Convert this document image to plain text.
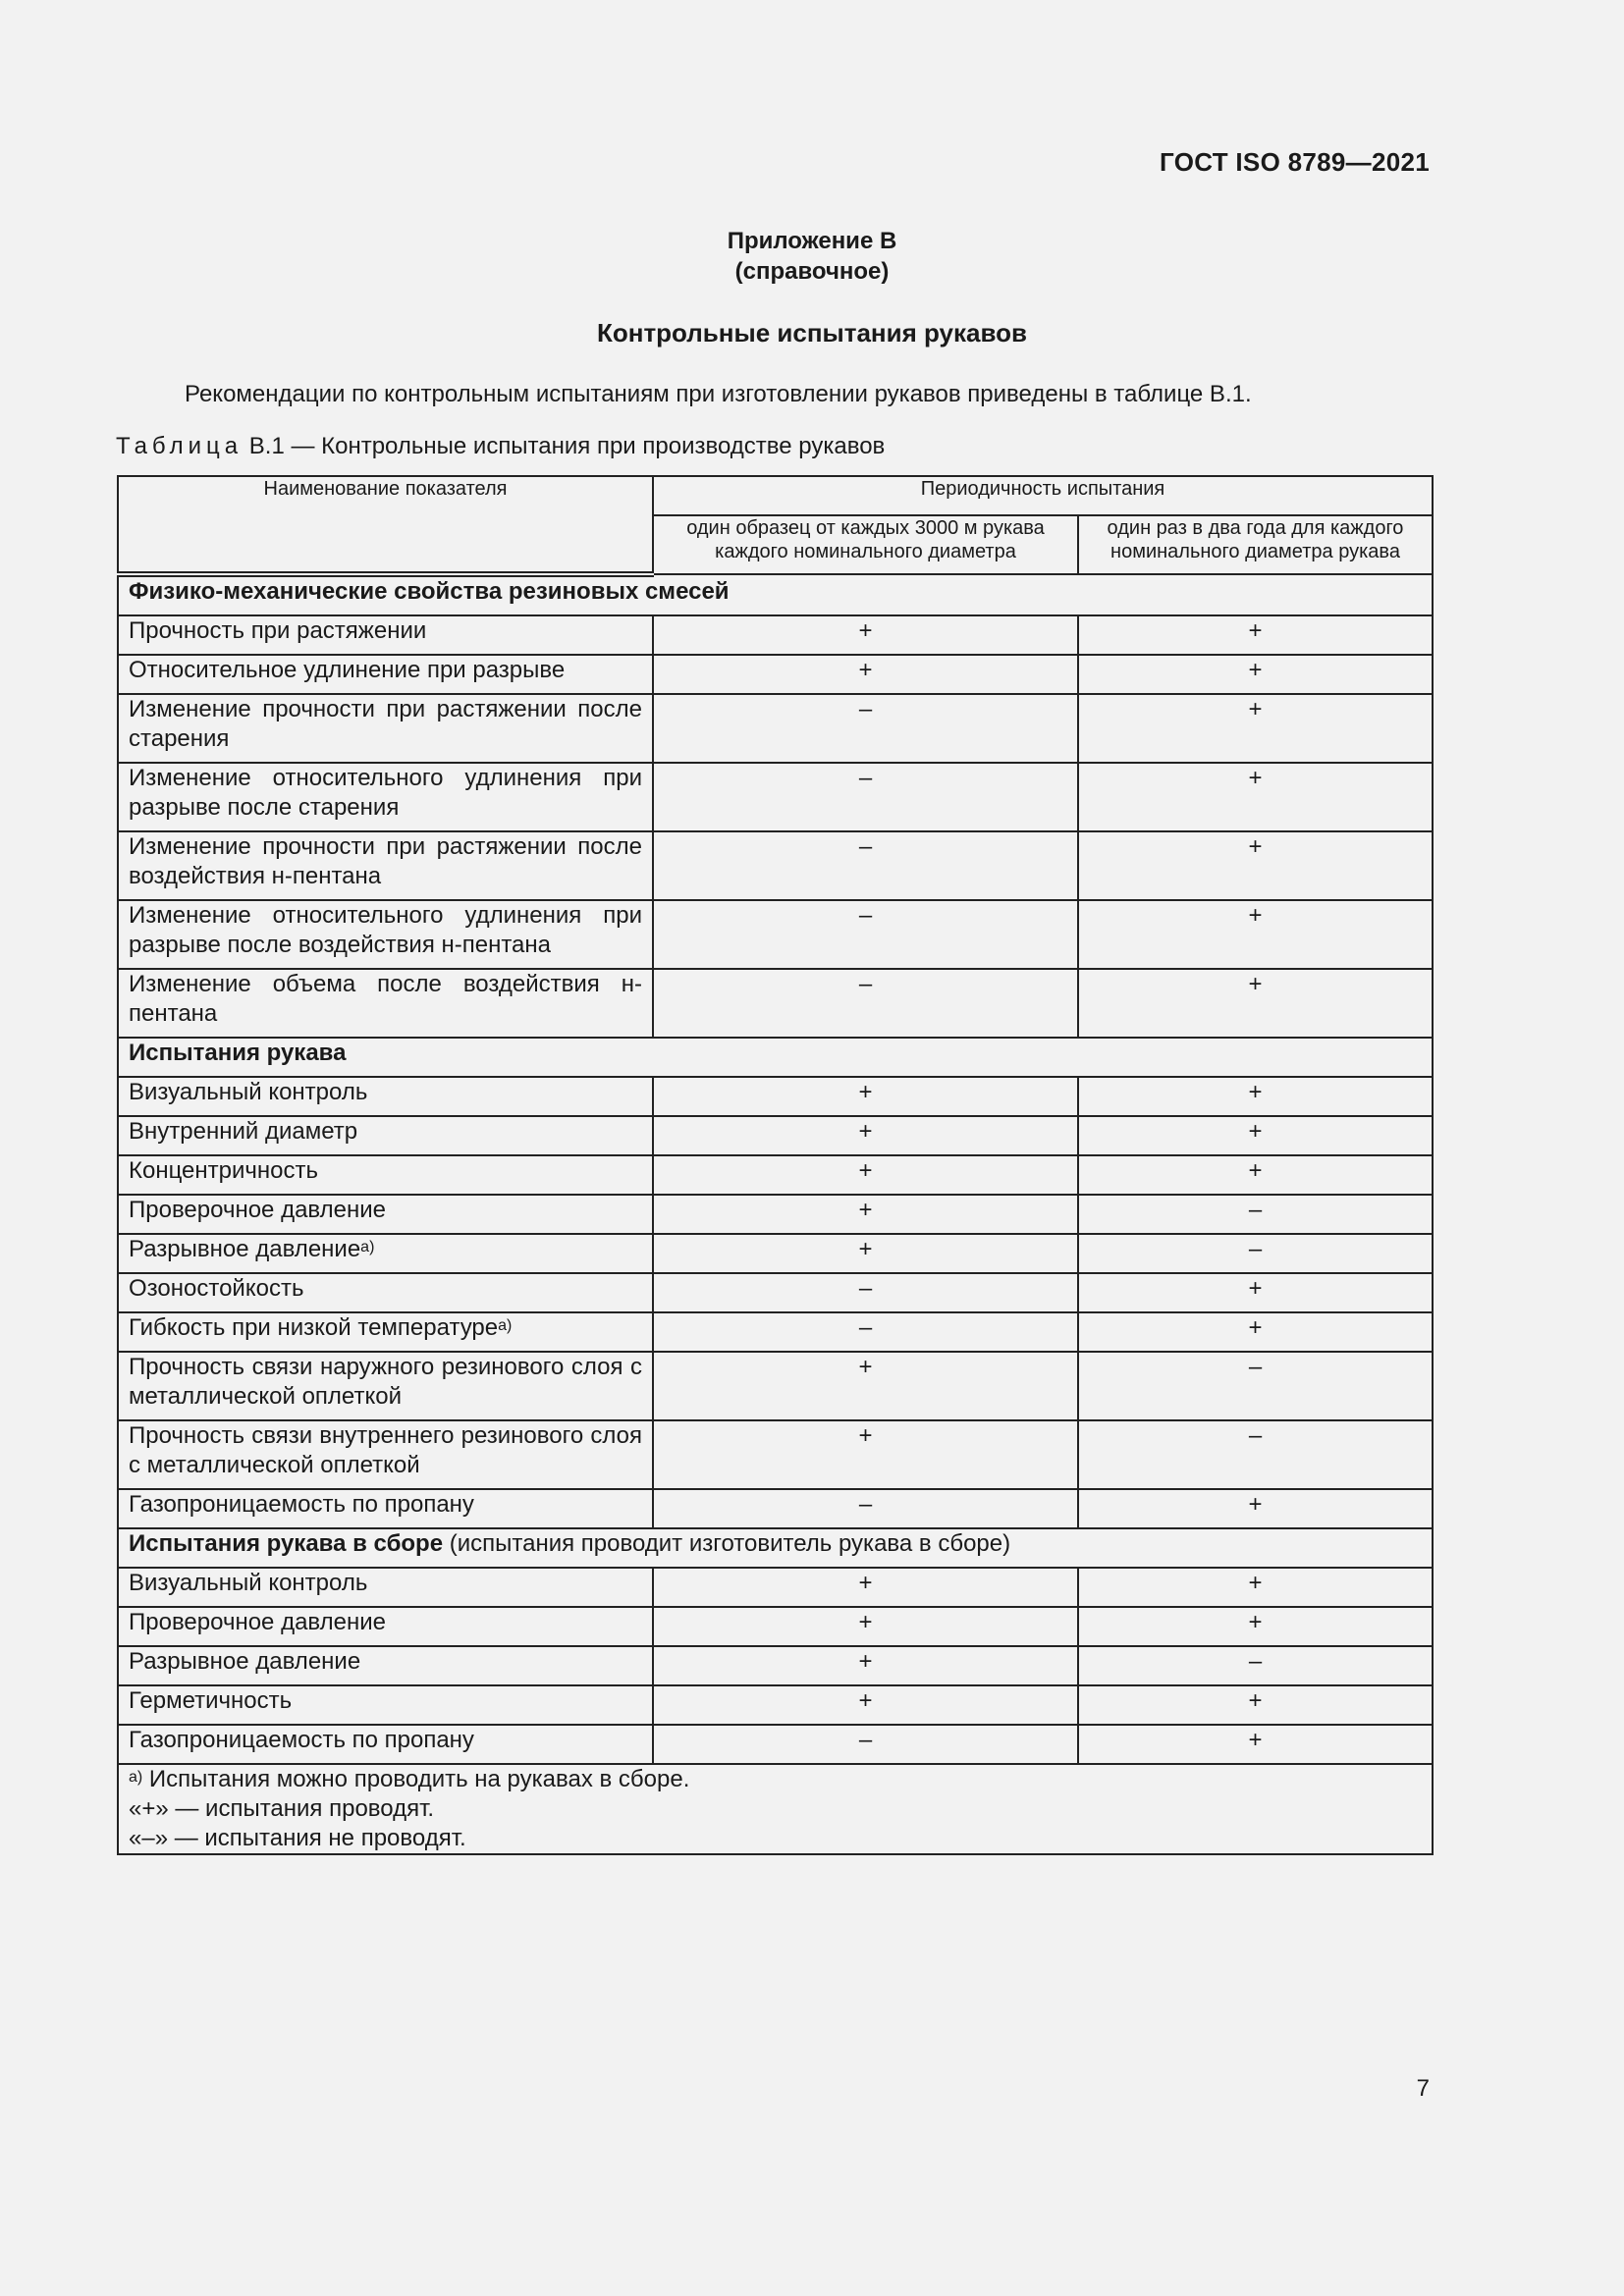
ГОСТ ISO 8789—2021
Приложение В
(справочное)
Контрольные испытания рукавов
Рекомендации по контрольным испытаниям при изготовлении рукавов приведены в таблице В.1.
Таблица В.1 — Контрольные испытания при производстве рукавов
Наименование показателя	Периодичность испытания	
	один образец от каждых 3000 м рукава каждого номинального диаметра	один раз в два года для каждого номинального диаметра рукава
Физико-механические свойства резиновых смесей		
Прочность при растяжении	+	+
Относительное удлинение при разрыве	+	+
Изменение прочности при растяжении после старения	–	+
Изменение относительного удлинения при разрыве после старения	–	+
Изменение прочности при растяжении после воздействия н-пентана	–	+
Изменение относительного удлинения при разрыве после воздействия н-пентана	–	+
Изменение объема после воздействия н-пентана	–	+
Испытания рукава		
Визуальный контроль	+	+
Внутренний диаметр	+	+
Концентричность	+	+
Проверочное давление	+	–
Разрывное давление$^{а)}$	+	–
Озоностойкость	–	+
Гибкость при низкой температуре$^{а)}$	–	+
Прочность связи наружного резинового слоя с металлической оплеткой	+	–
Прочность связи внутреннего резинового слоя с металлической оплеткой	+	–
Газопроницаемость по пропану	–	+
Испытания рукава в сборе (испытания проводит изготовитель рукава в сборе)		
Визуальный контроль	+	+
Проверочное давление	+	+
Разрывное давление	+	–
Герметичность	+	+
Газопроницаемость по пропану	–	+

$^{а)}$ Испытания можно проводить на рукавах в сборе.
«+» — испытания проводят.
«–» — испытания не проводят.		
7
